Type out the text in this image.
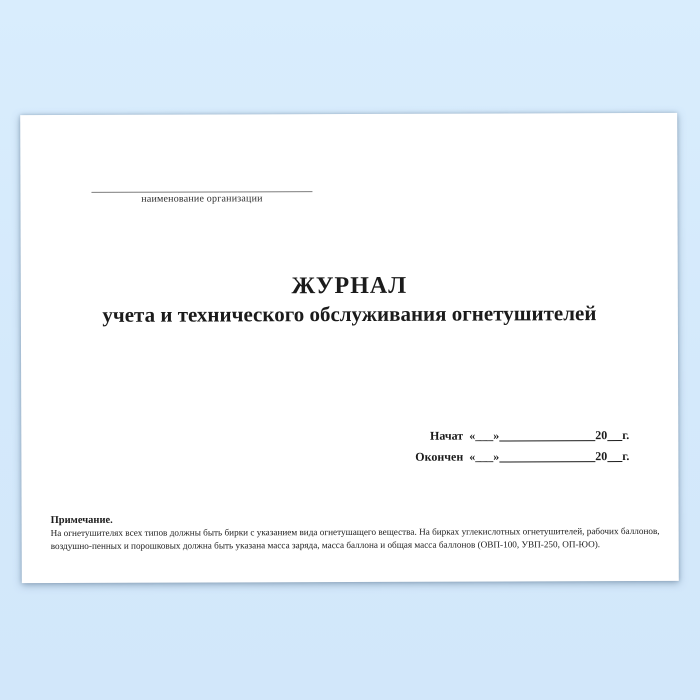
наименование организации
ЖУРНАЛ
учета и технического обслуживания огнетушителей
Начат «___»	20 г.
Окончен «___»	20 г.
Примечание.
На огнетушителях всех типов должны быть бирки с указанием вида огнетушащего вещества. На бирках углекислотных огнетушителей, рабочих баллонов,
воздушно-пенных и порошковых должна быть указана масса заряда, масса баллона и общая масса баллонов (ОВП-100, УВП-250, ОП-ЮО).
